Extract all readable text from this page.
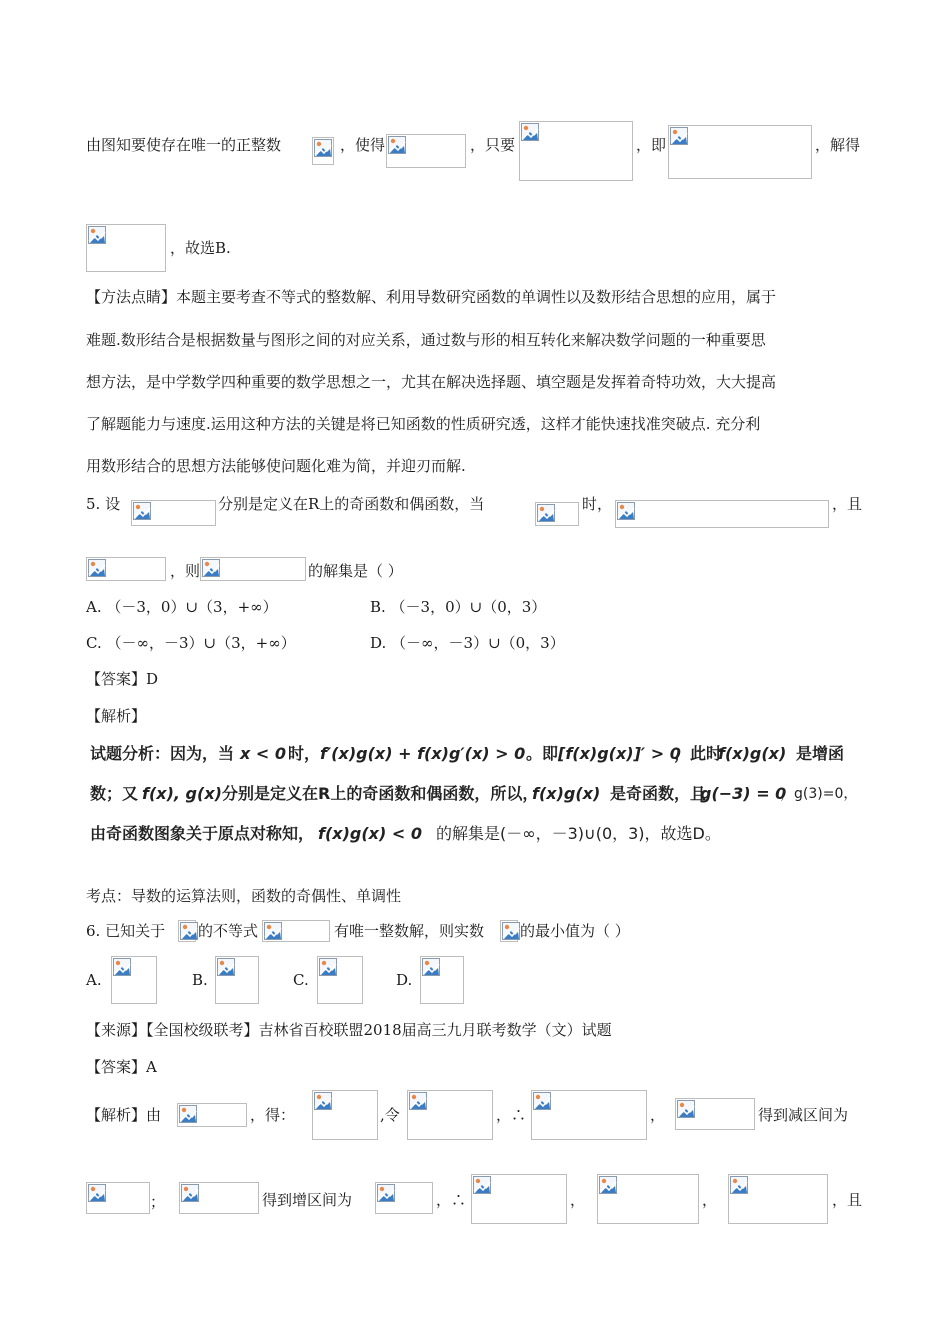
由图知要使存在唯一的正整数	，使得	，只要	，即	，解得
，故选B.
【方法点睛】本题主要考查不等式的整数解、利用导数研究函数的单调性以及数形结合思想的应用，属于
难题.数形结合是根据数量与图形之间的对应关系，通过数与形的相互转化来解决数学问题的一种重要思
想方法，是中学数学四种重要的数学思想之一，尤其在解决选择题、填空题是发挥着奇特功效，大大提高
了解题能力与速度.运用这种方法的关键是将已知函数的性质研究透，这样才能快速找准突破点. 充分利
用数形结合的思想方法能够使问题化难为简，并迎刃而解.
5. 设	分别是定义在R上的奇函数和偶函数，当	时，	，且
，则	的解集是（ ）
A. （－3，0）∪（3，+∞）	B. （－3，0）∪（0，3）
C. （－∞，－3）∪（3，+∞）	D. （－∞，－3）∪（0，3）
【答案】D
【解析】
试题分析：因为，当 x < 0 时， f′(x)g(x) + f(x)g′(x) > 0 。即 [f(x)g(x)]′ > 0
，此时
f(x)g(x) 是增函
数；又 f(x), g(x) 分别是定义在R上的奇函数和偶函数，所以，
f(x)g(x) 是奇函数，且
g(−3) = 0
，g(3)=0，
由奇函数图象关于原点对称知， f(x)g(x) < 0 的解集是(－∞，－3)∪(0，3)，故选D。
考点：导数的运算法则，函数的奇偶性、单调性
6. 已知关于 的不等式	有唯一整数解，则实数 的最小值为（ ）
A.	B.	C.	D.
【来源】【全国校级联考】吉林省百校联盟2018届高三九月联考数学（文）试题
【答案】A
【解析】由	，得：	,令	，∴	，	得到减区间为
；	得到增区间为	，∴	，	，	，且
